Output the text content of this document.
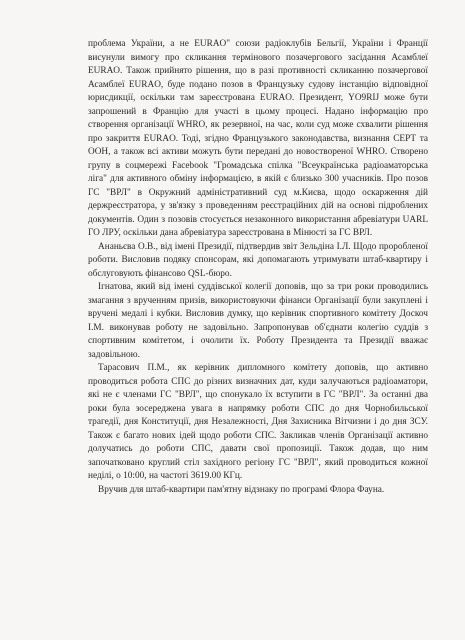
проблема України, а не EURAO" союзи радіоклубів Бельгії, України і Франції висунули вимогу про скликання термінового позачергового засідання Асамблеї EURAO. Також прийнято рішення, що в разі противності скликанню позачергової Асамблеї EURAO, буде подано позов в Французьку судову інстанцію відповідної юрисдикції, оскільки там зареєстрована EURAO. Президент, YO9RIJ може бути запрошений в Францію для участі в цьому процесі. Надано інформацію про створення організації WHRO, як резервної, на час, коли суд може схвалити рішення про закриття EURAO. Тоді, згідно Французького законодавства, визнання СЕРТ та ООН, а також всі активи можуть бути передані до новоствореної WHRO. Створено групу в соцмережі Facebook "Громадська спілка "Всеукраїнська радіоаматорська ліга" для активного обміну інформацією, в якій є близько 300 учасників. Про позов ГС "ВРЛ" в Окружний адміністративний суд м.Києва, щодо оскарження дій держреєстратора, у зв'язку з проведенням реєстраційних дій на основі підроблених документів. Один з позовів стосується незаконного використання абревіатури UARL ГО ЛРУ, оскільки дана абревіатура зареєстрована в Мінюсті за ГС ВРЛ.

Ананьєва О.В., від імені Президії, підтвердив звіт Зельдіна І.Л. Щодо проробленої роботи. Висловив подяку спонсорам, які допомагають утримувати штаб-квартиру і обслуговують фінансово QSL-бюро.

Ігнатова, який від імені суддівської колегії доповів, що за три роки проводились змагання з врученням призів, використовуючи фінанси Організації були закуплені і вручені медалі і кубки. Висловив думку, що керівник спортивного комітету Доскоч І.М. виконував роботу не задовільно. Запропонував об'єднати колегію суддів з спортивним комітетом, і очолити їх. Роботу Президента та Президії вважає задовільною.

Тарасович П.М., як керівник дипломного комітету доповів, що активно проводиться робота СПС до різних визначних дат, куди залучаються радіоаматори, які не є членами ГС "ВРЛ", що спонукало їх вступити в ГС "ВРЛ". За останні два роки була зосереджена увага в напрямку роботи СПС до дня Чорнобильської трагедії, дня Конституції, дня Незалежності, Дня Захисника Вітчизни і до дня ЗСУ. Також є багато нових ідей щодо роботи СПС. Закликав членів Організації активно долучатись до роботи СПС, давати свої пропозиції. Також додав, що ним започатковано круглий стіл західного регіону ГС "ВРЛ", який проводиться кожної неділі, о 10:00, на частоті 3619.00 КГц.

Вручив для штаб-квартири пам'ятну відзнаку по програмі Флора Фауна.
